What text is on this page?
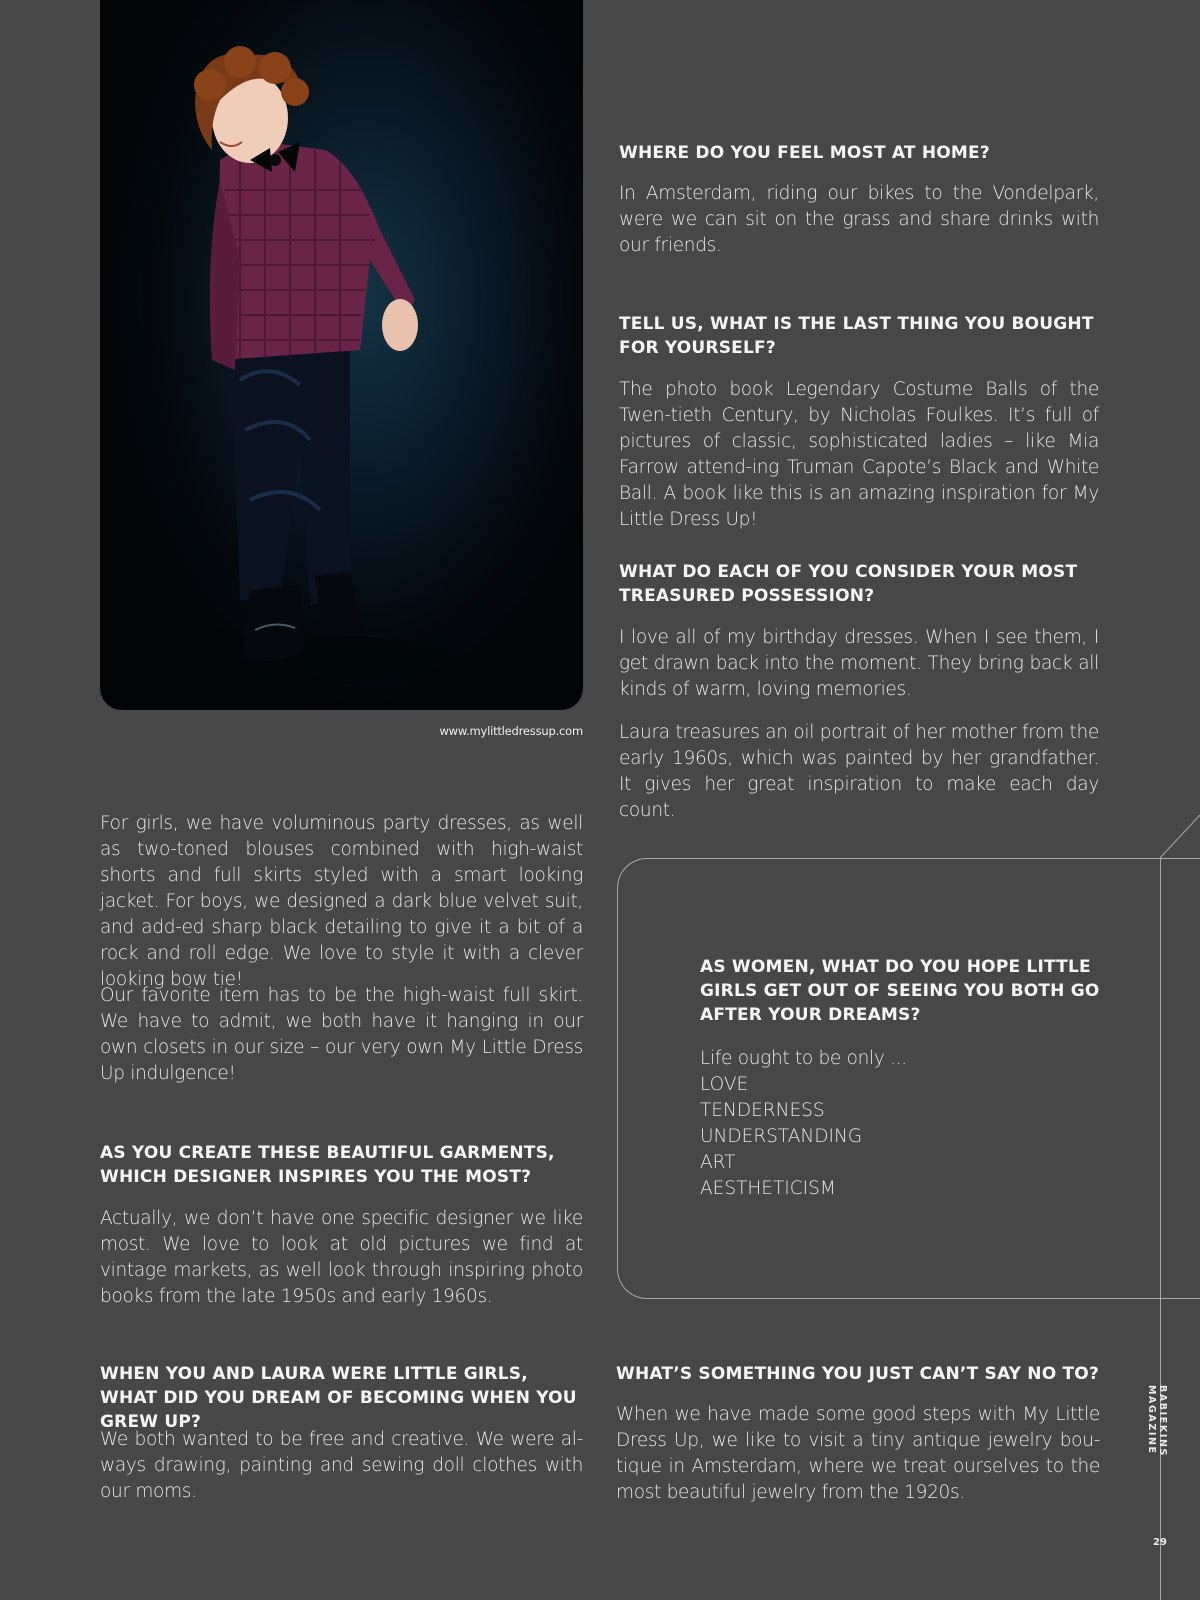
www.mylittledressup.com
WHERE DO YOU FEEL MOST AT HOME?

In Amsterdam, riding our bikes to the Vondelpark, were we can sit on the grass and share drinks with our friends.

TELL US, WHAT IS THE LAST THING YOU BOUGHT FOR YOURSELF?

The photo book Legendary Costume Balls of the Twen-tieth Century, by Nicholas Foulkes. It’s full of pictures of classic, sophisticated ladies – like Mia Farrow attend-ing Truman Capote’s Black and White Ball. A book like this is an amazing inspiration for My Little Dress Up!

WHAT DO EACH OF YOU CONSIDER YOUR MOST TREASURED POSSESSION?

I love all of my birthday dresses. When I see them, I get drawn back into the moment. They bring back all kinds of warm, loving memories.

Laura treasures an oil portrait of her mother from the early 1960s, which was painted by her grandfather. It gives her great inspiration to make each day count.

For girls, we have voluminous party dresses, as well as two-toned blouses combined with high-waist shorts and full skirts styled with a smart looking jacket. For boys, we designed a dark blue velvet suit, and add-ed sharp black detailing to give it a bit of a rock and roll edge. We love to style it with a clever looking bow tie!

Our favorite item has to be the high-waist full skirt. We have to admit, we both have it hanging in our own closets in our size – our very own My Little Dress Up indulgence!

AS YOU CREATE THESE BEAUTIFUL GARMENTS, WHICH DESIGNER INSPIRES YOU THE MOST?

Actually, we don’t have one specific designer we like most. We love to look at old pictures we find at vintage markets, as well look through inspiring photo books from the late 1950s and early 1960s.

WHEN YOU AND LAURA WERE LITTLE GIRLS, WHAT DID YOU DREAM OF BECOMING WHEN YOU GREW UP?

We both wanted to be free and creative. We were al-ways drawing, painting and sewing doll clothes with our moms.

AS WOMEN, WHAT DO YOU HOPE LITTLE GIRLS GET OUT OF SEEING YOU BOTH GO AFTER YOUR DREAMS?

Life ought to be only ...

LOVE
TENDERNESS
UNDERSTANDING
ART
AESTHETICISM
WHAT’S SOMETHING YOU JUST CAN’T SAY NO TO?

When we have made some good steps with My Little Dress Up, we like to visit a tiny antique jewelry bou-tique in Amsterdam, where we treat ourselves to the most beautiful jewelry from the 1920s.

BABIEKINS MAGAZINE
29
